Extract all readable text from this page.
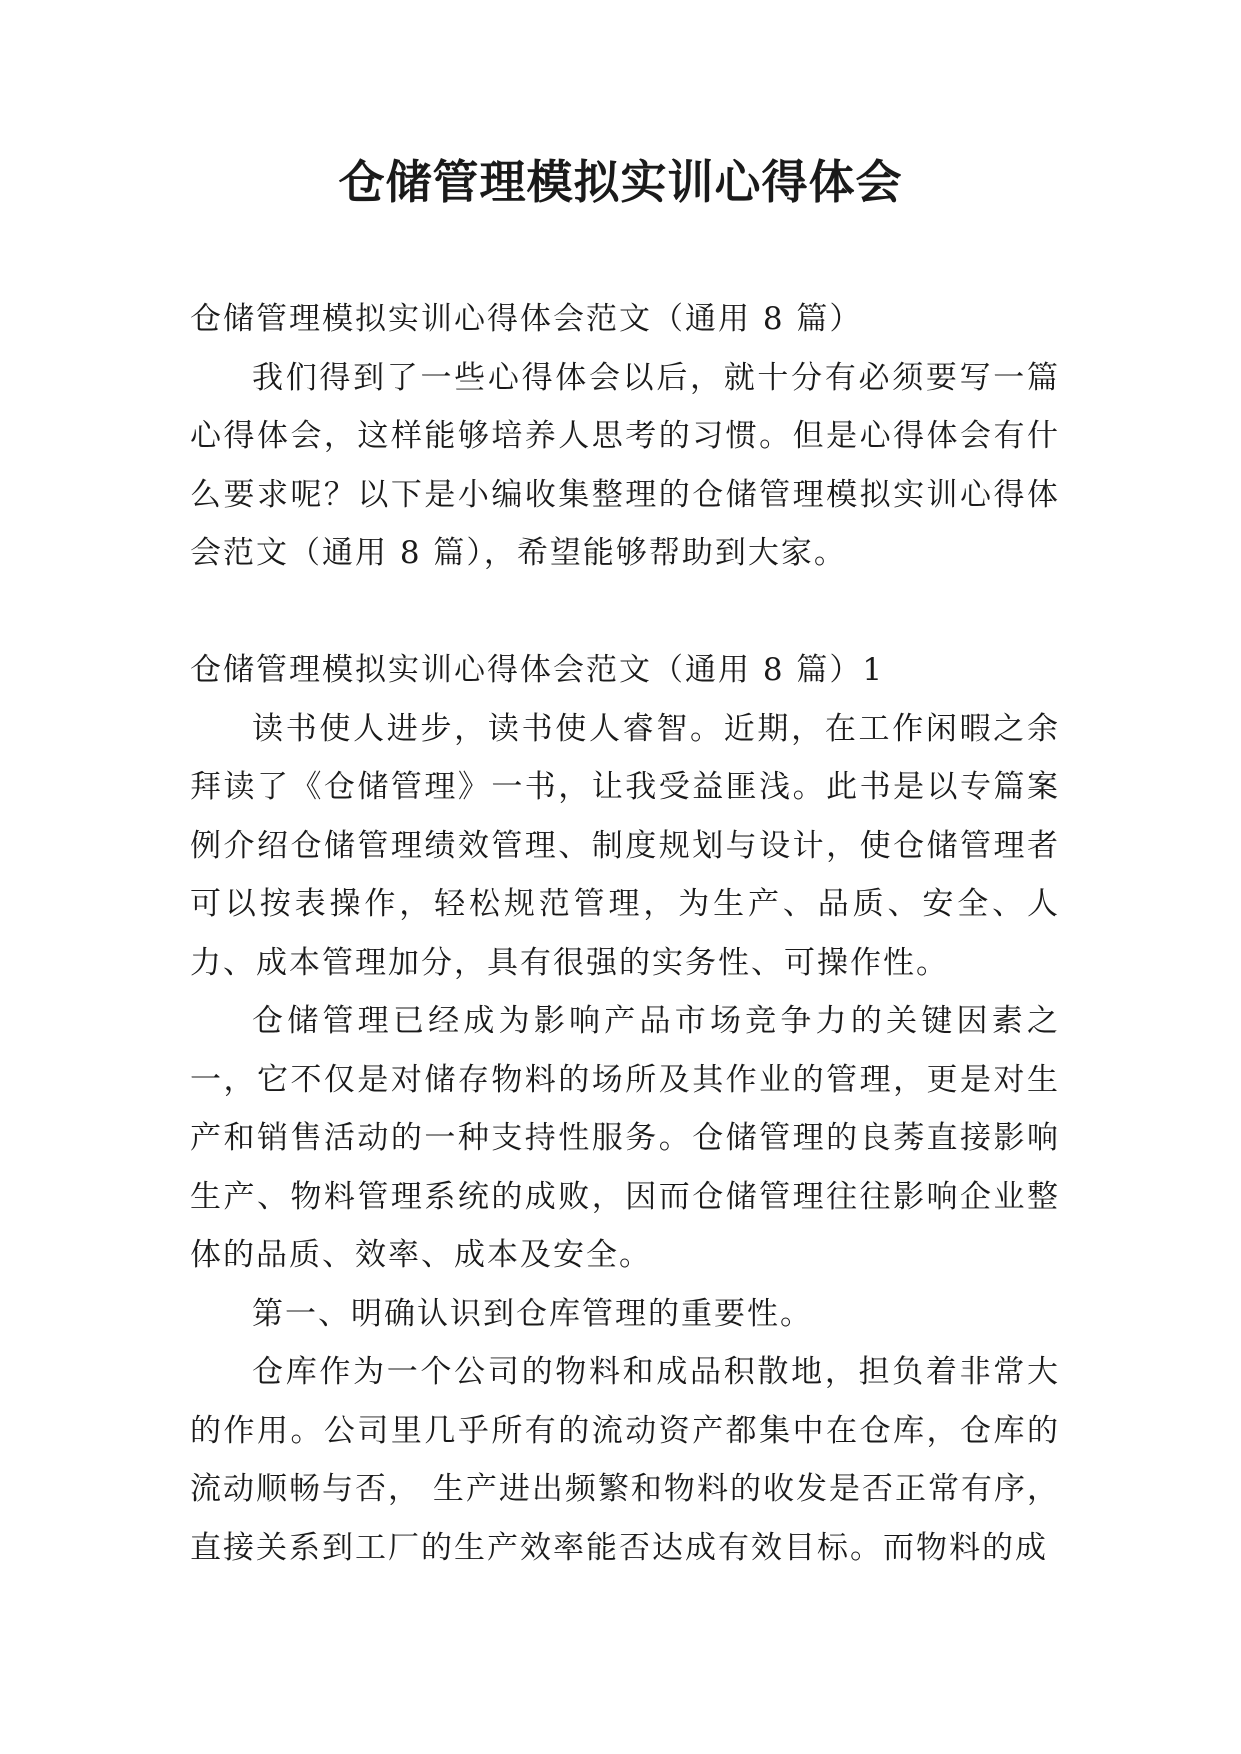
仓储管理模拟实训心得体会

仓储管理模拟实训心得体会范文（通用 8 篇）

我们得到了一些心得体会以后，就十分有必须要写一篇心得体会，这样能够培养人思考的习惯。但是心得体会有什么要求呢？以下是小编收集整理的仓储管理模拟实训心得体会范文（通用 8 篇），希望能够帮助到大家。

仓储管理模拟实训心得体会范文（通用 8 篇）1

读书使人进步，读书使人睿智。近期，在工作闲暇之余拜读了《仓储管理》一书，让我受益匪浅。此书是以专篇案例介绍仓储管理绩效管理、制度规划与设计，使仓储管理者可以按表操作，轻松规范管理，为生产、品质、安全、人力、成本管理加分，具有很强的实务性、可操作性。

仓储管理已经成为影响产品市场竞争力的关键因素之一，它不仅是对储存物料的场所及其作业的管理，更是对生产和销售活动的一种支持性服务。仓储管理的良莠直接影响生产、物料管理系统的成败，因而仓储管理往往影响企业整体的品质、效率、成本及安全。

第一、明确认识到仓库管理的重要性。

仓库作为一个公司的物料和成品积散地，担负着非常大的作用。公司里几乎所有的流动资产都集中在仓库，仓库的流动顺畅与否， 生产进出频繁和物料的收发是否正常有序，直接关系到工厂的生产效率能否达成有效目标。而物料的成
